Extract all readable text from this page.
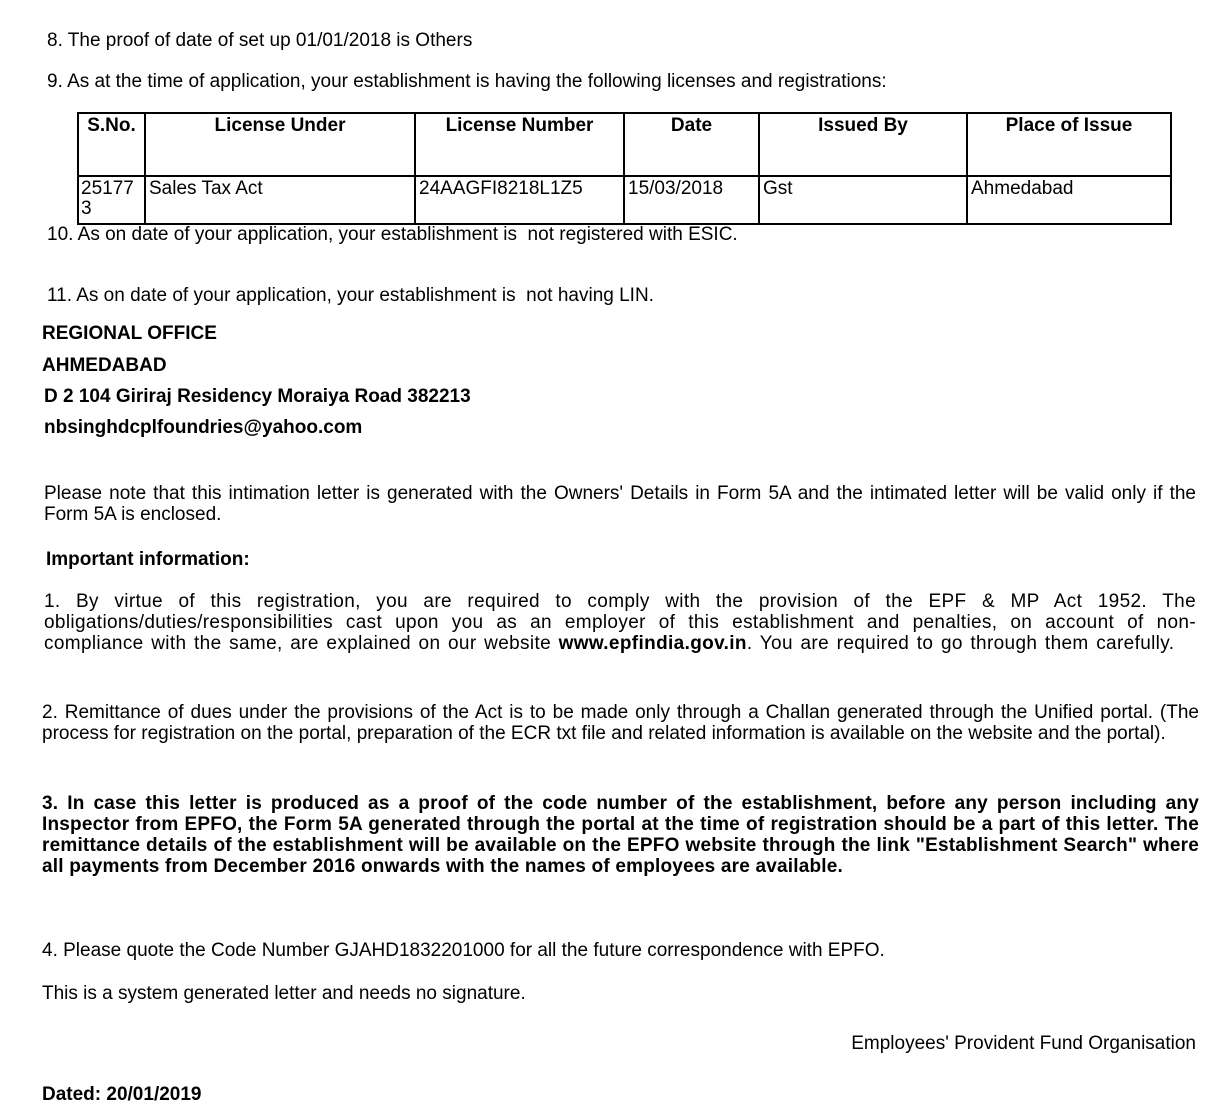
8. The proof of date of set up 01/01/2018 is Others
9. As at the time of application, your establishment is having the following licenses and registrations:
S.No.	License Under	License Number	Date	Issued By	Place of Issue
251773	Sales Tax Act	24AAGFI8218L1Z5	15/03/2018	Gst	Ahmedabad
10. As on date of your application, your establishment is  not registered with ESIC.
11. As on date of your application, your establishment is  not having LIN.
REGIONAL OFFICE
AHMEDABAD
D 2 104 Giriraj Residency Moraiya Road 382213
nbsinghdcplfoundries@yahoo.com
Please note that this intimation letter is generated with the Owners' Details in Form 5A and the intimated letter will be valid only if the Form 5A is enclosed.
Important information:
1. By virtue of this registration, you are required to comply with the provision of the EPF & MP Act 1952. The obligations/duties/responsibilities cast upon you as an employer of this establishment and penalties, on account of non-compliance with the same, are explained on our website www.epfindia.gov.in. You are required to go through them carefully.
2. Remittance of dues under the provisions of the Act is to be made only through a Challan generated through the Unified portal. (The process for registration on the portal, preparation of the ECR txt file and related information is available on the website and the portal).
3. In case this letter is produced as a proof of the code number of the establishment, before any person including any Inspector from EPFO, the Form 5A generated through the portal at the time of registration should be a part of this letter. The remittance details of the establishment will be available on the EPFO website through the link "Establishment Search" where all payments from December 2016 onwards with the names of employees are available.
4. Please quote the Code Number GJAHD1832201000 for all the future correspondence with EPFO.
This is a system generated letter and needs no signature.
Employees' Provident Fund Organisation
Dated: 20/01/2019
